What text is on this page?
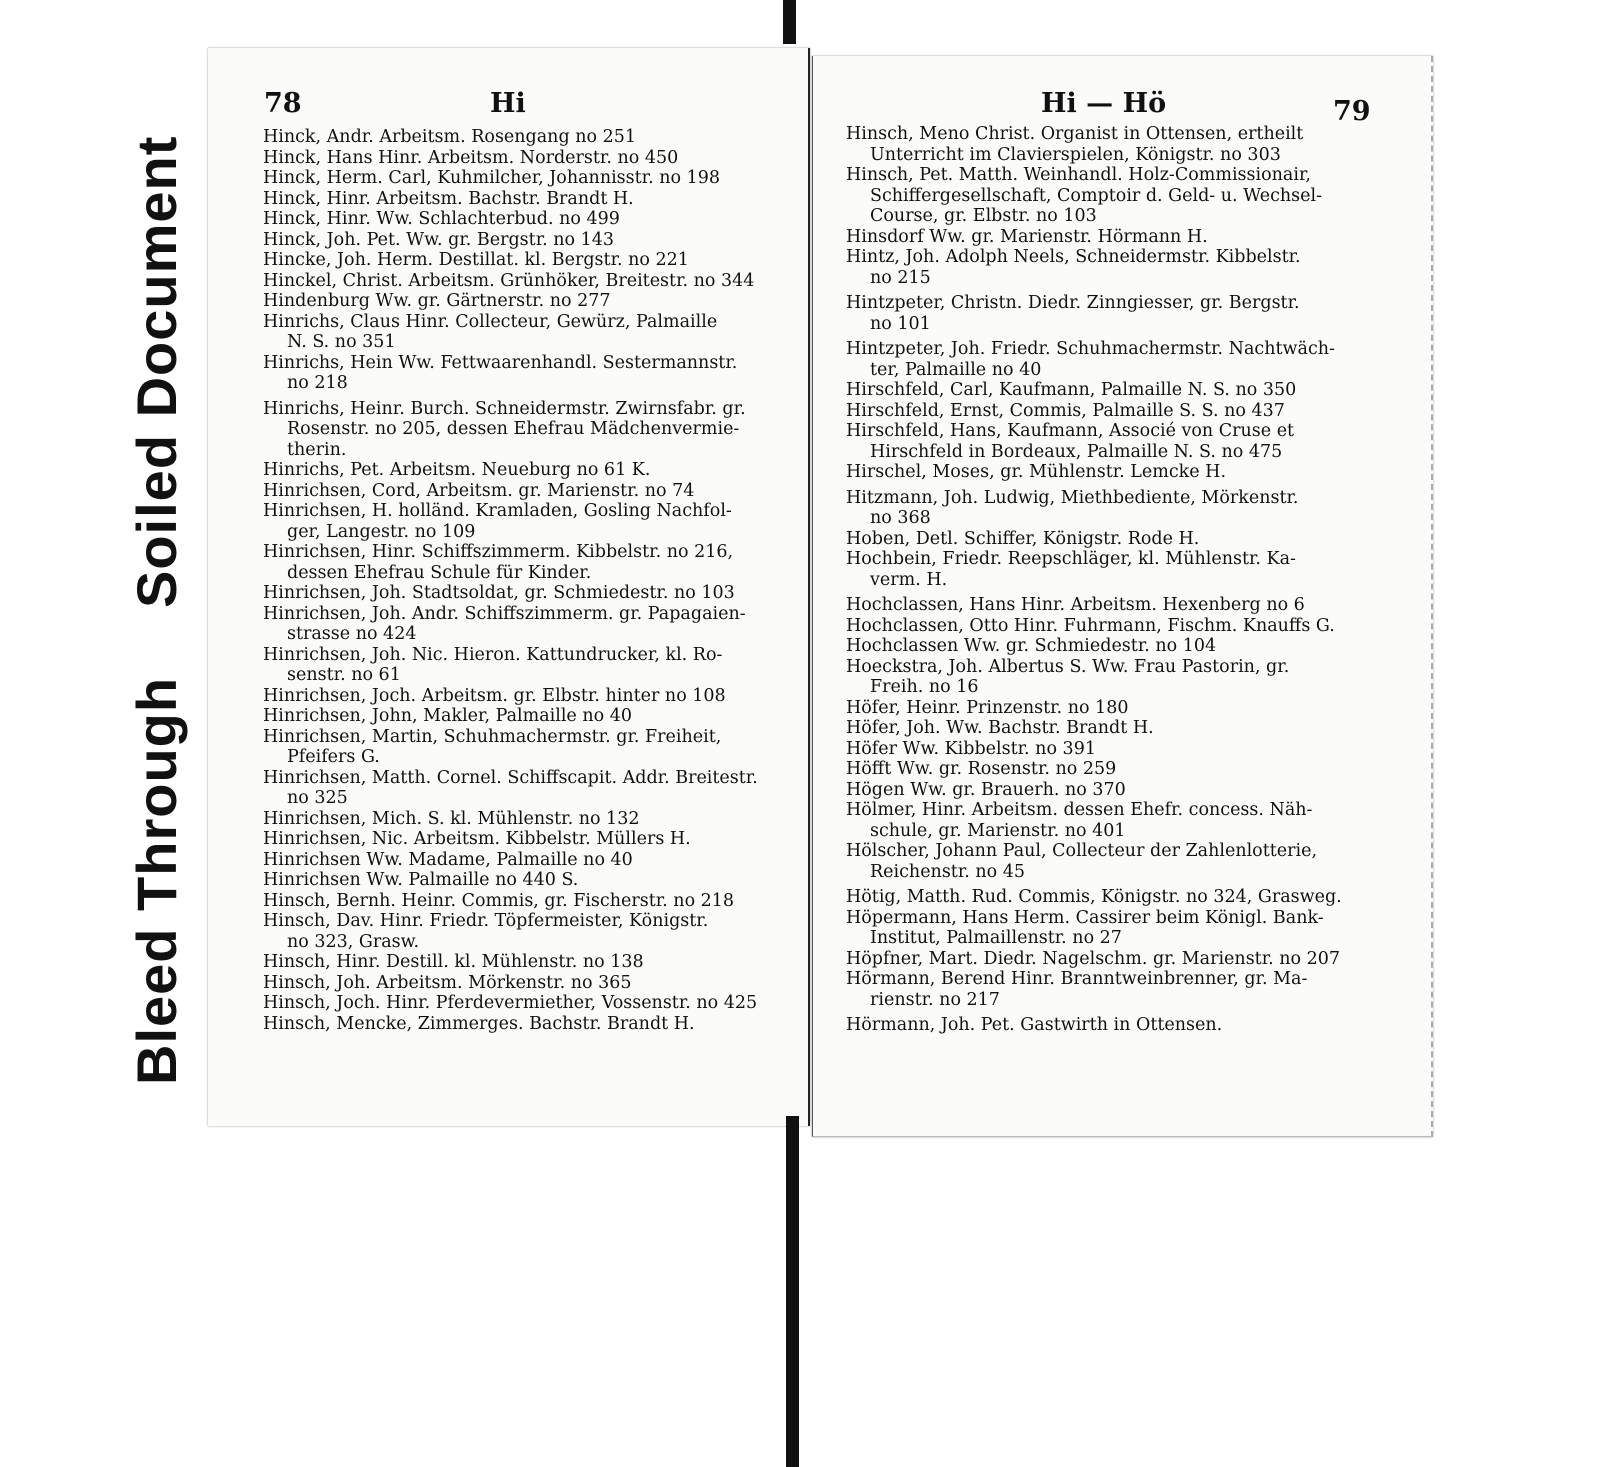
Soiled Document
Bleed Through
78	Hi
Hinck, Andr. Arbeitsm. Rosengang no 251
Hinck, Hans Hinr. Arbeitsm. Norderstr. no 450
Hinck, Herm. Carl, Kuhmilcher, Johannisstr. no 198
Hinck, Hinr. Arbeitsm. Bachstr. Brandt H.
Hinck, Hinr. Ww. Schlachterbud. no 499
Hinck, Joh. Pet. Ww. gr. Bergstr. no 143
Hincke, Joh. Herm. Destillat. kl. Bergstr. no 221
Hinckel, Christ. Arbeitsm. Grünhöker, Breitestr. no 344
Hindenburg Ww. gr. Gärtnerstr. no 277
Hinrichs, Claus Hinr. Collecteur, Gewürz, Palmaille
N. S. no 351
Hinrichs, Hein Ww. Fettwaarenhandl. Sestermannstr.
no 218
Hinrichs, Heinr. Burch. Schneidermstr. Zwirnsfabr. gr.
Rosenstr. no 205, dessen Ehefrau Mädchenvermie-
therin.
Hinrichs, Pet. Arbeitsm. Neueburg no 61 K.
Hinrichsen, Cord, Arbeitsm. gr. Marienstr. no 74
Hinrichsen, H. holländ. Kramladen, Gosling Nachfol-
ger, Langestr. no 109
Hinrichsen, Hinr. Schiffszimmerm. Kibbelstr. no 216,
dessen Ehefrau Schule für Kinder.
Hinrichsen, Joh. Stadtsoldat, gr. Schmiedestr. no 103
Hinrichsen, Joh. Andr. Schiffszimmerm. gr. Papagaien-
strasse no 424
Hinrichsen, Joh. Nic. Hieron. Kattundrucker, kl. Ro-
senstr. no 61
Hinrichsen, Joch. Arbeitsm. gr. Elbstr. hinter no 108
Hinrichsen, John, Makler, Palmaille no 40
Hinrichsen, Martin, Schuhmachermstr. gr. Freiheit,
Pfeifers G.
Hinrichsen, Matth. Cornel. Schiffscapit. Addr. Breitestr.
no 325
Hinrichsen, Mich. S. kl. Mühlenstr. no 132
Hinrichsen, Nic. Arbeitsm. Kibbelstr. Müllers H.
Hinrichsen Ww. Madame, Palmaille no 40
Hinrichsen Ww. Palmaille no 440 S.
Hinsch, Bernh. Heinr. Commis, gr. Fischerstr. no 218
Hinsch, Dav. Hinr. Friedr. Töpfermeister, Königstr.
no 323, Grasw.
Hinsch, Hinr. Destill. kl. Mühlenstr. no 138
Hinsch, Joh. Arbeitsm. Mörkenstr. no 365
Hinsch, Joch. Hinr. Pferdevermiether, Vossenstr. no 425
Hinsch, Mencke, Zimmerges. Bachstr. Brandt H.
Hi — Hö	79
Hinsch, Meno Christ. Organist in Ottensen, ertheilt
Unterricht im Clavierspielen, Königstr. no 303
Hinsch, Pet. Matth. Weinhandl. Holz-Commissionair,
Schiffergesellschaft, Comptoir d. Geld- u. Wechsel-
Course, gr. Elbstr. no 103
Hinsdorf Ww. gr. Marienstr. Hörmann H.
Hintz, Joh. Adolph Neels, Schneidermstr. Kibbelstr.
no 215
Hintzpeter, Christn. Diedr. Zinngiesser, gr. Bergstr.
no 101
Hintzpeter, Joh. Friedr. Schuhmachermstr. Nachtwäch-
ter, Palmaille no 40
Hirschfeld, Carl, Kaufmann, Palmaille N. S. no 350
Hirschfeld, Ernst, Commis, Palmaille S. S. no 437
Hirschfeld, Hans, Kaufmann, Associé von Cruse et
Hirschfeld in Bordeaux, Palmaille N. S. no 475
Hirschel, Moses, gr. Mühlenstr. Lemcke H.
Hitzmann, Joh. Ludwig, Miethbediente, Mörkenstr.
no 368
Hoben, Detl. Schiffer, Königstr. Rode H.
Hochbein, Friedr. Reepschläger, kl. Mühlenstr. Ka-
verm. H.
Hochclassen, Hans Hinr. Arbeitsm. Hexenberg no 6
Hochclassen, Otto Hinr. Fuhrmann, Fischm. Knauffs G.
Hochclassen Ww. gr. Schmiedestr. no 104
Hoeckstra, Joh. Albertus S. Ww. Frau Pastorin, gr.
Freih. no 16
Höfer, Heinr. Prinzenstr. no 180
Höfer, Joh. Ww. Bachstr. Brandt H.
Höfer Ww. Kibbelstr. no 391
Höfft Ww. gr. Rosenstr. no 259
Högen Ww. gr. Brauerh. no 370
Hölmer, Hinr. Arbeitsm. dessen Ehefr. concess. Näh-
schule, gr. Marienstr. no 401
Hölscher, Johann Paul, Collecteur der Zahlenlotterie,
Reichenstr. no 45
Hötig, Matth. Rud. Commis, Königstr. no 324, Grasweg.
Höpermann, Hans Herm. Cassirer beim Königl. Bank-
Institut, Palmaillenstr. no 27
Höpfner, Mart. Diedr. Nagelschm. gr. Marienstr. no 207
Hörmann, Berend Hinr. Branntweinbrenner, gr. Ma-
rienstr. no 217
Hörmann, Joh. Pet. Gastwirth in Ottensen.
